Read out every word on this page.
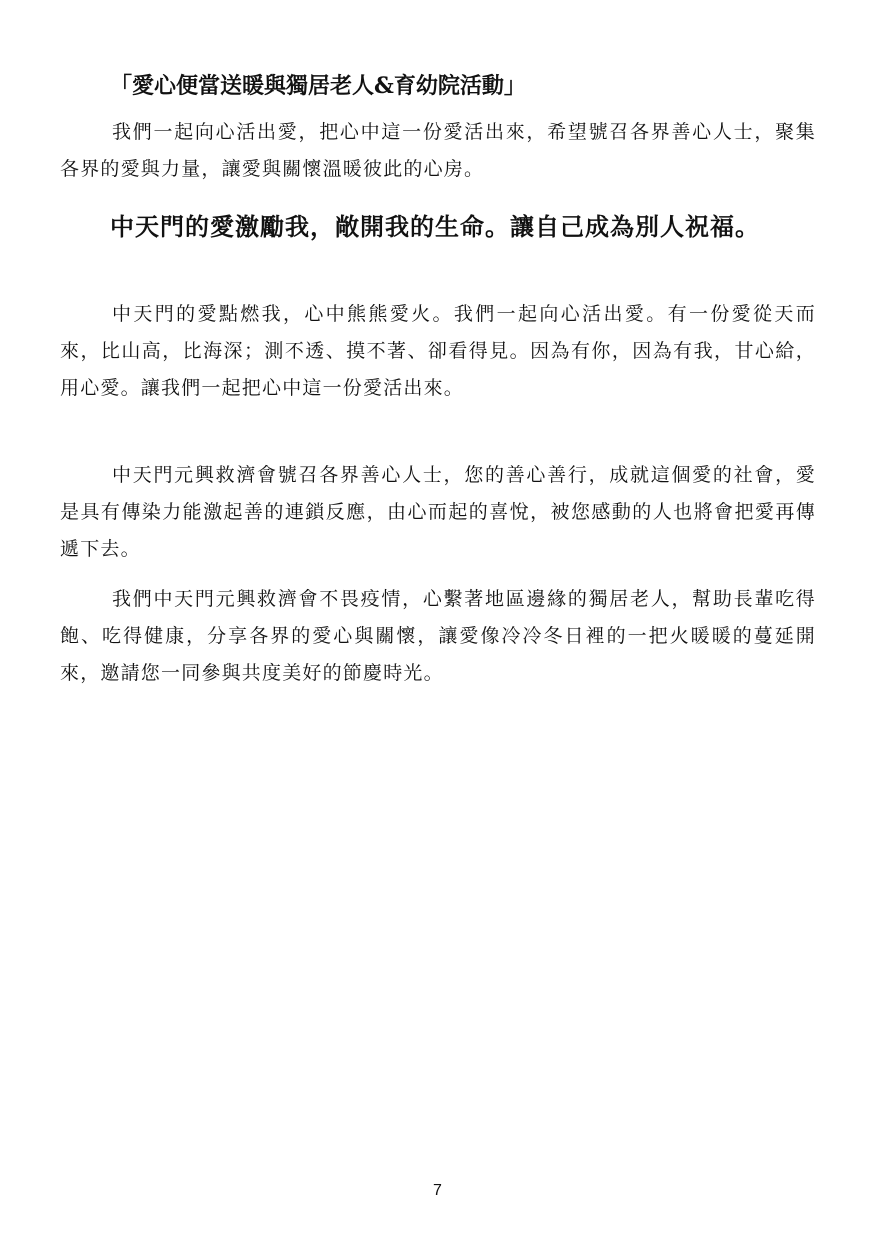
「愛心便當送暖與獨居老人&育幼院活動」

我們一起向心活出愛，把心中這一份愛活出來，希望號召各界善心人士，聚集各界的愛與力量，讓愛與關懷溫暖彼此的心房。

中天門的愛激勵我，敞開我的生命。讓自己成為別人祝福。

中天門的愛點燃我，心中熊熊愛火。我們一起向心活出愛。有一份愛從天而來，比山高，比海深；測不透、摸不著、卻看得見。因為有你，因為有我，甘心給，用心愛。讓我們一起把心中這一份愛活出來。

中天門元興救濟會號召各界善心人士，您的善心善行，成就這個愛的社會，愛是具有傳染力能激起善的連鎖反應，由心而起的喜悅，被您感動的人也將會把愛再傳遞下去。

我們中天門元興救濟會不畏疫情，心繫著地區邊緣的獨居老人，幫助長輩吃得飽、吃得健康，分享各界的愛心與關懷，讓愛像冷冷冬日裡的一把火暖暖的蔓延開來，邀請您一同參與共度美好的節慶時光。

7
